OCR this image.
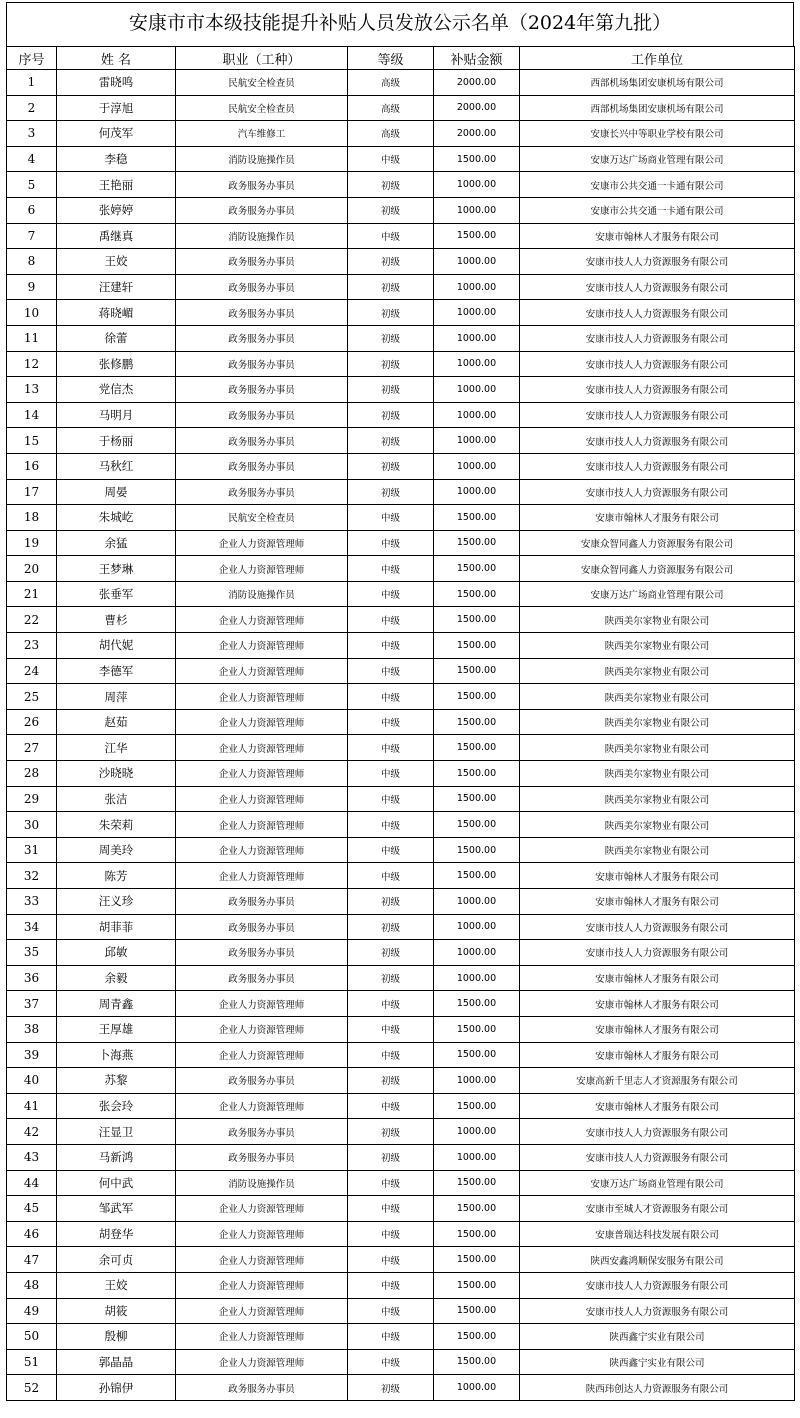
安康市市本级技能提升补贴人员发放公示名单（2024年第九批）
序号	姓 名	职业（工种）	等级	补贴金额	工作单位
1	雷晓鸣	民航安全检查员	高级	2000.00	西部机场集团安康机场有限公司
2	于淳旭	民航安全检查员	高级	2000.00	西部机场集团安康机场有限公司
3	何茂军	汽车维修工	高级	2000.00	安康长兴中等职业学校有限公司
4	李稳	消防设施操作员	中级	1500.00	安康万达广场商业管理有限公司
5	王艳丽	政务服务办事员	初级	1000.00	安康市公共交通一卡通有限公司
6	张婷婷	政务服务办事员	初级	1000.00	安康市公共交通一卡通有限公司
7	禹继真	消防设施操作员	中级	1500.00	安康市翰林人才服务有限公司
8	王姣	政务服务办事员	初级	1000.00	安康市技人人力资源服务有限公司
9	汪建轩	政务服务办事员	初级	1000.00	安康市技人人力资源服务有限公司
10	蒋晓嵋	政务服务办事员	初级	1000.00	安康市技人人力资源服务有限公司
11	徐蕾	政务服务办事员	初级	1000.00	安康市技人人力资源服务有限公司
12	张修鹏	政务服务办事员	初级	1000.00	安康市技人人力资源服务有限公司
13	党信杰	政务服务办事员	初级	1000.00	安康市技人人力资源服务有限公司
14	马明月	政务服务办事员	初级	1000.00	安康市技人人力资源服务有限公司
15	于杨丽	政务服务办事员	初级	1000.00	安康市技人人力资源服务有限公司
16	马秋红	政务服务办事员	初级	1000.00	安康市技人人力资源服务有限公司
17	周晏	政务服务办事员	初级	1000.00	安康市技人人力资源服务有限公司
18	朱城屹	民航安全检查员	中级	1500.00	安康市翰林人才服务有限公司
19	余猛	企业人力资源管理师	中级	1500.00	安康众智同鑫人力资源服务有限公司
20	王梦琳	企业人力资源管理师	中级	1500.00	安康众智同鑫人力资源服务有限公司
21	张垂军	消防设施操作员	中级	1500.00	安康万达广场商业管理有限公司
22	曹杉	企业人力资源管理师	中级	1500.00	陕西美尔家物业有限公司
23	胡代妮	企业人力资源管理师	中级	1500.00	陕西美尔家物业有限公司
24	李德军	企业人力资源管理师	中级	1500.00	陕西美尔家物业有限公司
25	周萍	企业人力资源管理师	中级	1500.00	陕西美尔家物业有限公司
26	赵茹	企业人力资源管理师	中级	1500.00	陕西美尔家物业有限公司
27	江华	企业人力资源管理师	中级	1500.00	陕西美尔家物业有限公司
28	沙晓晓	企业人力资源管理师	中级	1500.00	陕西美尔家物业有限公司
29	张洁	企业人力资源管理师	中级	1500.00	陕西美尔家物业有限公司
30	朱荣莉	企业人力资源管理师	中级	1500.00	陕西美尔家物业有限公司
31	周美玲	企业人力资源管理师	中级	1500.00	陕西美尔家物业有限公司
32	陈芳	企业人力资源管理师	中级	1500.00	安康市翰林人才服务有限公司
33	汪义珍	政务服务办事员	初级	1000.00	安康市翰林人才服务有限公司
34	胡菲菲	政务服务办事员	初级	1000.00	安康市技人人力资源服务有限公司
35	邱敏	政务服务办事员	初级	1000.00	安康市技人人力资源服务有限公司
36	余毅	政务服务办事员	初级	1000.00	安康市翰林人才服务有限公司
37	周青鑫	企业人力资源管理师	中级	1500.00	安康市翰林人才服务有限公司
38	王厚雄	企业人力资源管理师	中级	1500.00	安康市翰林人才服务有限公司
39	卜海燕	企业人力资源管理师	中级	1500.00	安康市翰林人才服务有限公司
40	苏黎	政务服务办事员	初级	1000.00	安康高新千里志人才资源服务有限公司
41	张会玲	企业人力资源管理师	中级	1500.00	安康市翰林人才服务有限公司
42	汪显卫	政务服务办事员	初级	1000.00	安康市技人人力资源服务有限公司
43	马新鸿	政务服务办事员	初级	1000.00	安康市技人人力资源服务有限公司
44	何中武	消防设施操作员	中级	1500.00	安康万达广场商业管理有限公司
45	邹武军	企业人力资源管理师	中级	1500.00	安康市至城人才资源服务有限公司
46	胡登华	企业人力资源管理师	中级	1500.00	安康普瑞达科技发展有限公司
47	余可贞	企业人力资源管理师	中级	1500.00	陕西安鑫鸿顺保安服务有限公司
48	王姣	企业人力资源管理师	中级	1500.00	安康市技人人力资源服务有限公司
49	胡筱	企业人力资源管理师	中级	1500.00	安康市技人人力资源服务有限公司
50	殷柳	企业人力资源管理师	中级	1500.00	陕西鑫宁实业有限公司
51	郭晶晶	企业人力资源管理师	中级	1500.00	陕西鑫宁实业有限公司
52	孙锦伊	政务服务办事员	初级	1000.00	陕西玮创达人力资源服务有限公司
